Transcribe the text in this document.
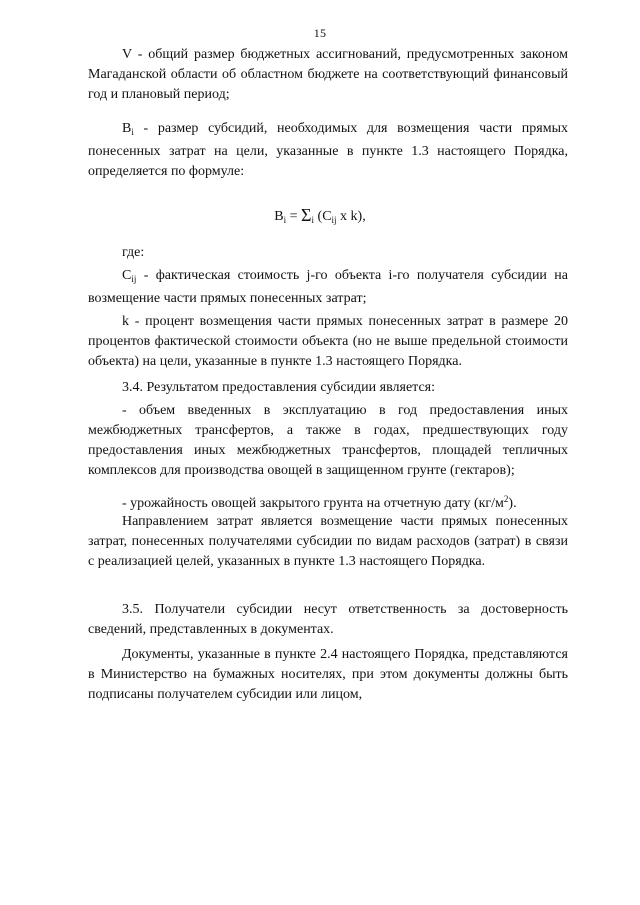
15

V - общий размер бюджетных ассигнований, предусмотренных законом Магаданской области об областном бюджете на соответствующий финансовый год и плановый период;

$B_i$ - размер субсидий, необходимых для возмещения части прямых понесенных затрат на цели, указанные в пункте 1.3 настоящего Порядка, определяется по формуле:

$B_i = \Sigma_i$ ($C_{ij}$ x k),

где:

$C_{ij}$ - фактическая стоимость j-го объекта i-го получателя субсидии на возмещение части прямых понесенных затрат;

k - процент возмещения части прямых понесенных затрат в размере 20 процентов фактической стоимости объекта (но не выше предельной стоимости объекта) на цели, указанные в пункте 1.3 настоящего Порядка.

3.4. Результатом предоставления субсидии является:

- объем введенных в эксплуатацию в год предоставления иных межбюджетных трансфертов, а также в годах, предшествующих году предоставления иных межбюджетных трансфертов, площадей тепличных комплексов для производства овощей в защищенном грунте (гектаров);

- урожайность овощей закрытого грунта на отчетную дату $(кг/м^2)$.

Направлением затрат является возмещение части прямых понесенных затрат, понесенных получателями субсидии по видам расходов (затрат) в связи с реализацией целей, указанных в пункте 1.3 настоящего Порядка.

3.5. Получатели субсидии несут ответственность за достоверность сведений, представленных в документах.

Документы, указанные в пункте 2.4 настоящего Порядка, представляются в Министерство на бумажных носителях, при этом документы должны быть подписаны получателем субсидии или лицом,
